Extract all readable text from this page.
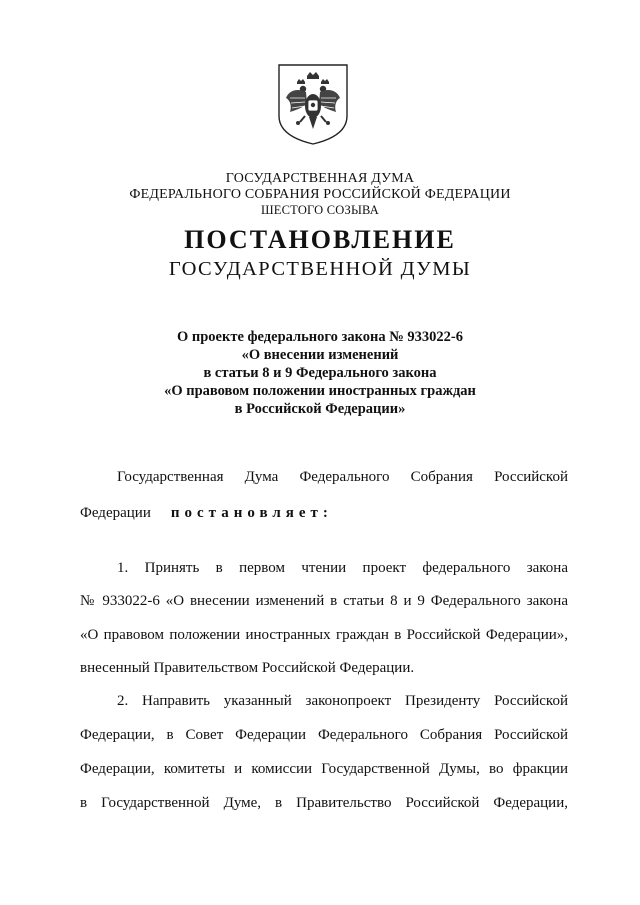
ГОСУДАРСТВЕННАЯ ДУМА
ФЕДЕРАЛЬНОГО СОБРАНИЯ РОССИЙСКОЙ ФЕДЕРАЦИИ
ШЕСТОГО СОЗЫВА
ПОСТАНОВЛЕНИЕ
ГОСУДАРСТВЕННОЙ ДУМЫ
О проекте федерального закона № 933022-6
«О внесении изменений
в статьи 8 и 9 Федерального закона
«О правовом положении иностранных граждан
в Российской Федерации»
Государственная Дума Федерального Собрания Российской
Федерации постановляет:
1. Принять в первом чтении проект федерального закона
№ 933022-6 «О внесении изменений в статьи 8 и 9 Федерального закона
«О правовом положении иностранных граждан в Российской Федерации»,
внесенный Правительством Российской Федерации.
2. Направить указанный законопроект Президенту Российской
Федерации, в Совет Федерации Федерального Собрания Российской
Федерации, комитеты и комиссии Государственной Думы, во фракции
в Государственной Думе, в Правительство Российской Федерации,
